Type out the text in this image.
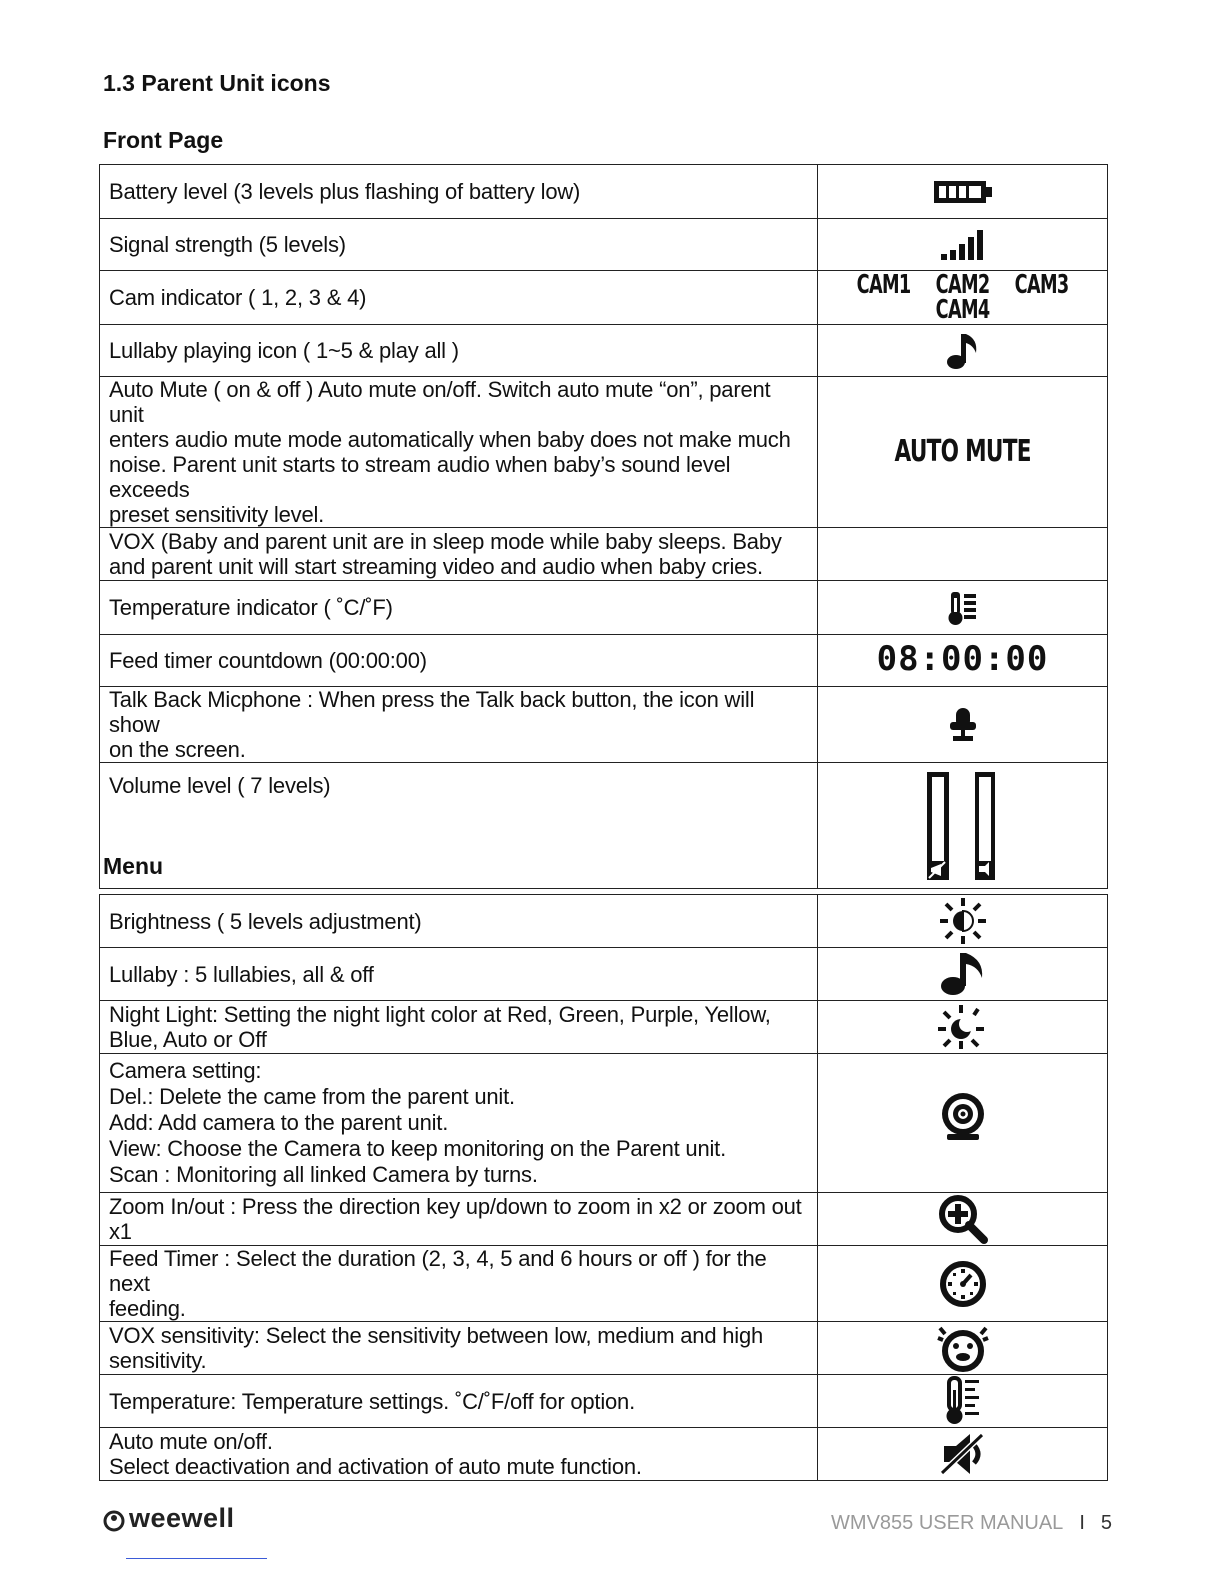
1.3 Parent Unit icons
Front Page
Battery level (3 levels plus flashing of battery low)

Signal strength (5 levels)

Cam indicator ( 1, 2, 3 & 4)	CAM1 CAM2 CAM3CAM4

Lullaby playing icon ( 1~5 & play all )

Auto Mute ( on & off ) Auto mute on/off. Switch auto mute “on”, parent unit
enters audio mute mode automatically when baby does not make much
noise. Parent unit starts to stream audio when baby’s sound level exceeds
preset sensitivity level.	AUTO MUTE

VOX (Baby and parent unit are in sleep mode while baby sleeps. Baby
and parent unit will start streaming video and audio when baby cries.	

Temperature indicator ( ˚C/˚F)

Feed timer countdown (00:00:00)	08:00:00

Talk Back Micphone : When press the Talk back button, the icon will show
on the screen.

Volume level ( 7 levels)

Menu
Brightness ( 5 levels adjustment)

Lullaby : 5 lullabies, all & off

Night Light: Setting the night light color at Red, Green, Purple, Yellow,
Blue, Auto or Off

Camera setting:
Del.: Delete the came from the parent unit.
Add: Add camera to the parent unit.
View: Choose the Camera to keep monitoring on the Parent unit.
Scan : Monitoring all linked Camera by turns.

Zoom In/out : Press the direction key up/down to zoom in x2 or zoom out x1

Feed Timer : Select the duration (2, 3, 4, 5 and 6 hours or off ) for the next
feeding.

VOX sensitivity: Select the sensitivity between low, medium and high
sensitivity.

Temperature: Temperature settings. ˚C/˚F/off for option.

Auto mute on/off.
Select deactivation and activation of auto mute function.

weewell	WMV855 USER MANUAL I 5
